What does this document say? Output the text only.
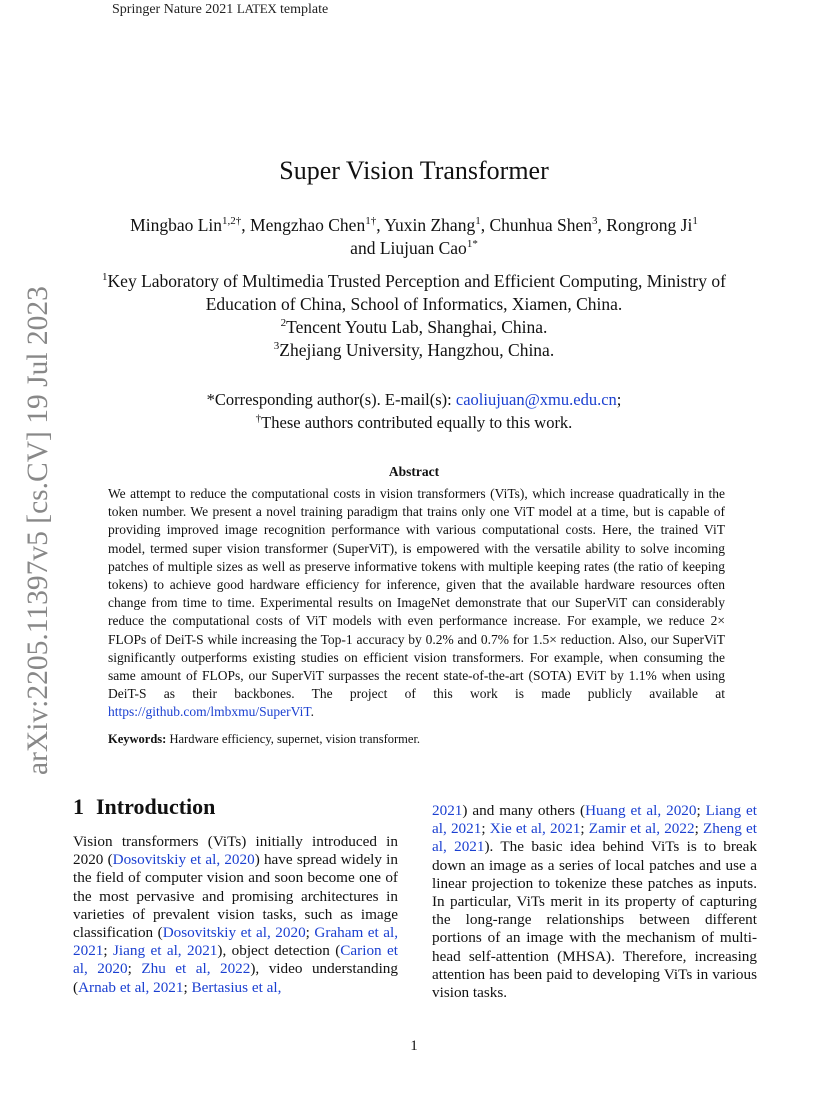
Springer Nature 2021 LATEX template
arXiv:2205.11397v5 [cs.CV] 19 Jul 2023
Super Vision Transformer
Mingbao Lin$^{1,2\dagger}$, Mengzhao Chen$^{1\dagger}$, Yuxin Zhang$^1$, Chunhua Shen$^3$, Rongrong Ji$^1$
and Liujuan Cao$^{1*}$
$^1$Key Laboratory of Multimedia Trusted Perception and Efficient Computing, Ministry of
Education of China, School of Informatics, Xiamen, China.
$^2$Tencent Youtu Lab, Shanghai, China.
$^3$Zhejiang University, Hangzhou, China.
*Corresponding author(s). E-mail(s): caoliujuan@xmu.edu.cn;
†These authors contributed equally to this work.
Abstract
We attempt to reduce the computational costs in vision transformers (ViTs), which increase quadratically in the token number. We present a novel training paradigm that trains only one ViT model at a time, but is capable of providing improved image recognition performance with various computational costs. Here, the trained ViT model, termed super vision transformer (SuperViT), is empowered with the versatile ability to solve incoming patches of multiple sizes as well as preserve informative tokens with multiple keeping rates (the ratio of keeping tokens) to achieve good hardware efficiency for inference, given that the available hardware resources often change from time to time. Experimental results on ImageNet demonstrate that our SuperViT can considerably reduce the computational costs of ViT models with even performance increase. For example, we reduce 2× FLOPs of DeiT-S while increasing the Top-1 accuracy by 0.2% and 0.7% for 1.5× reduction. Also, our SuperViT significantly outperforms existing studies on efficient vision transformers. For example, when consuming the same amount of FLOPs, our SuperViT surpasses the recent state-of-the-art (SOTA) EViT by 1.1% when using DeiT-S as their backbones. The project of this work is made publicly available at https://github.com/lmbxmu/SuperViT.
Keywords: Hardware efficiency, supernet, vision transformer.
1 Introduction
Vision transformers (ViTs) initially introduced in 2020 (Dosovitskiy et al, 2020) have spread widely in the field of computer vision and soon become one of the most pervasive and promising architectures in varieties of prevalent vision tasks, such as image classification (Dosovitskiy et al, 2020; Graham et al, 2021; Jiang et al, 2021), object detection (Carion et al, 2020; Zhu et al, 2022), video understanding (Arnab et al, 2021; Bertasius et al,
2021) and many others (Huang et al, 2020; Liang et al, 2021; Xie et al, 2021; Zamir et al, 2022; Zheng et al, 2021). The basic idea behind ViTs is to break down an image as a series of local patches and use a linear projection to tokenize these patches as inputs. In particular, ViTs merit in its property of capturing the long-range relationships between different portions of an image with the mechanism of multi-head self-attention (MHSA). Therefore, increasing attention has been paid to developing ViTs in various vision tasks.
1
